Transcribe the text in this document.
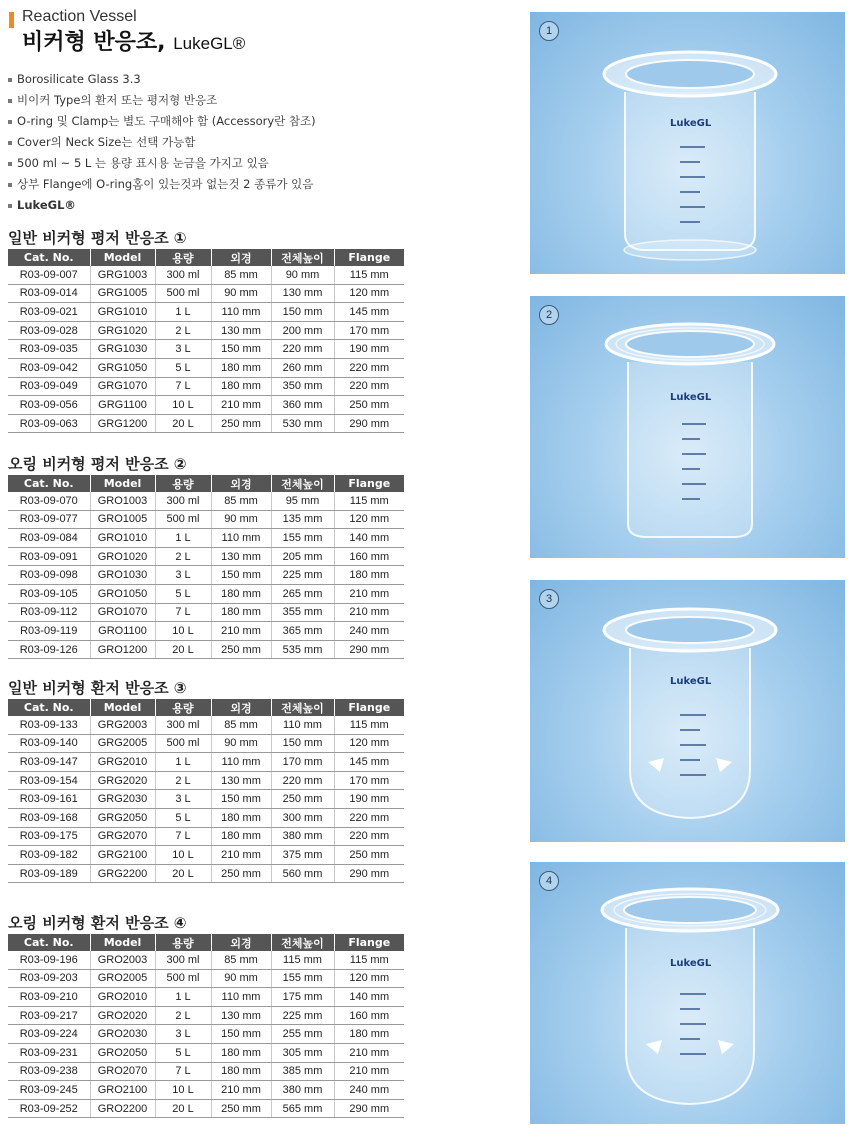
Reaction Vessel
비커형 반응조, LukeGL®
Borosilicate Glass 3.3
비이커 Type의 환저 또는 평저형 반응조
O-ring 및 Clamp는 별도 구매해야 함 (Accessory란 참조)
Cover의 Neck Size는 선택 가능함
500 ml ~ 5 L 는 용량 표시용 눈금을 가지고 있음
상부 Flange에 O-ring홈이 있는것과 없는것 2 종류가 있음
LukeGL®
일반 비커형 평저 반응조 ①
Cat. No.	Model	용량	외경	전체높이	Flange
R03-09-007	GRG1003	300 ml	85 mm	90 mm	115 mm
R03-09-014	GRG1005	500 ml	90 mm	130 mm	120 mm
R03-09-021	GRG1010	1 L	110 mm	150 mm	145 mm
R03-09-028	GRG1020	2 L	130 mm	200 mm	170 mm
R03-09-035	GRG1030	3 L	150 mm	220 mm	190 mm
R03-09-042	GRG1050	5 L	180 mm	260 mm	220 mm
R03-09-049	GRG1070	7 L	180 mm	350 mm	220 mm
R03-09-056	GRG1100	10 L	210 mm	360 mm	250 mm
R03-09-063	GRG1200	20 L	250 mm	530 mm	290 mm
오링 비커형 평저 반응조 ②
Cat. No.	Model	용량	외경	전체높이	Flange
R03-09-070	GRO1003	300 ml	85 mm	95 mm	115 mm
R03-09-077	GRO1005	500 ml	90 mm	135 mm	120 mm
R03-09-084	GRO1010	1 L	110 mm	155 mm	140 mm
R03-09-091	GRO1020	2 L	130 mm	205 mm	160 mm
R03-09-098	GRO1030	3 L	150 mm	225 mm	180 mm
R03-09-105	GRO1050	5 L	180 mm	265 mm	210 mm
R03-09-112	GRO1070	7 L	180 mm	355 mm	210 mm
R03-09-119	GRO1100	10 L	210 mm	365 mm	240 mm
R03-09-126	GRO1200	20 L	250 mm	535 mm	290 mm
일반 비커형 환저 반응조 ③
Cat. No.	Model	용량	외경	전체높이	Flange
R03-09-133	GRG2003	300 ml	85 mm	110 mm	115 mm
R03-09-140	GRG2005	500 ml	90 mm	150 mm	120 mm
R03-09-147	GRG2010	1 L	110 mm	170 mm	145 mm
R03-09-154	GRG2020	2 L	130 mm	220 mm	170 mm
R03-09-161	GRG2030	3 L	150 mm	250 mm	190 mm
R03-09-168	GRG2050	5 L	180 mm	300 mm	220 mm
R03-09-175	GRG2070	7 L	180 mm	380 mm	220 mm
R03-09-182	GRG2100	10 L	210 mm	375 mm	250 mm
R03-09-189	GRG2200	20 L	250 mm	560 mm	290 mm
오링 비커형 환저 반응조 ④
Cat. No.	Model	용량	외경	전체높이	Flange
R03-09-196	GRO2003	300 ml	85 mm	115 mm	115 mm
R03-09-203	GRO2005	500 ml	90 mm	155 mm	120 mm
R03-09-210	GRO2010	1 L	110 mm	175 mm	140 mm
R03-09-217	GRO2020	2 L	130 mm	225 mm	160 mm
R03-09-224	GRO2030	3 L	150 mm	255 mm	180 mm
R03-09-231	GRO2050	5 L	180 mm	305 mm	210 mm
R03-09-238	GRO2070	7 L	180 mm	385 mm	210 mm
R03-09-245	GRO2100	10 L	210 mm	380 mm	240 mm
R03-09-252	GRO2200	20 L	250 mm	565 mm	290 mm
1
LukeGL
2
LukeGL
3
LukeGL
4
LukeGL
